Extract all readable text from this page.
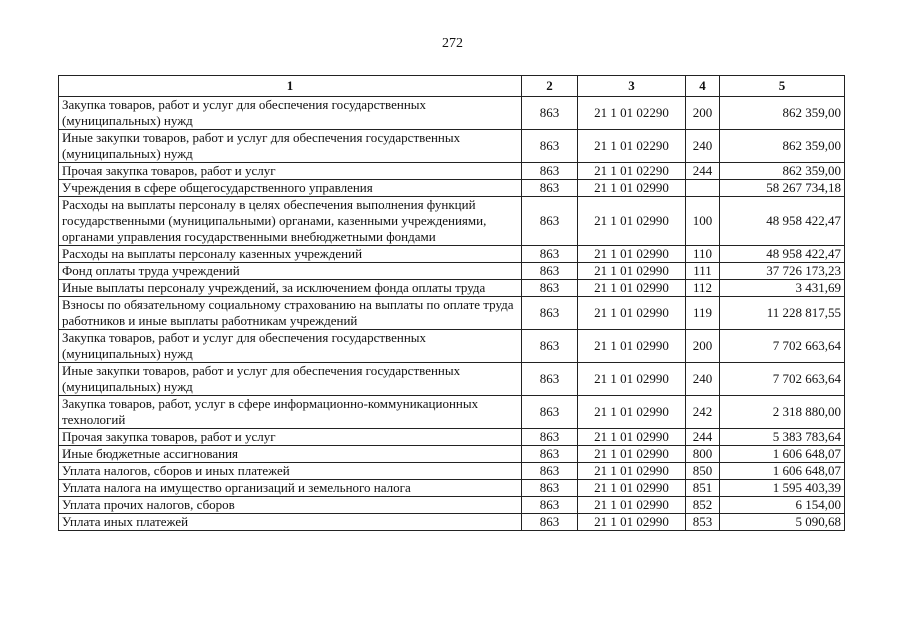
272
1	2	3	4	5
Закупка товаров, работ и услуг для обеспечения государственных (муниципальных) нужд	863	21 1 01 02290	200	862 359,00
Иные закупки товаров, работ и услуг для обеспечения государственных (муниципальных) нужд	863	21 1 01 02290	240	862 359,00
Прочая закупка товаров, работ и услуг	863	21 1 01 02290	244	862 359,00
Учреждения в сфере общегосударственного управления	863	21 1 01 02990		58 267 734,18
Расходы на выплаты персоналу в целях обеспечения выполнения функций государственными (муниципальными) органами, казенными учреждениями, органами управления государственными внебюджетными фондами	863	21 1 01 02990	100	48 958 422,47
Расходы на выплаты персоналу казенных учреждений	863	21 1 01 02990	110	48 958 422,47
Фонд оплаты труда учреждений	863	21 1 01 02990	111	37 726 173,23
Иные выплаты персоналу учреждений, за исключением фонда оплаты труда	863	21 1 01 02990	112	3 431,69
Взносы по обязательному социальному страхованию на выплаты по оплате труда работников и иные выплаты работникам учреждений	863	21 1 01 02990	119	11 228 817,55
Закупка товаров, работ и услуг для обеспечения государственных (муниципальных) нужд	863	21 1 01 02990	200	7 702 663,64
Иные закупки товаров, работ и услуг для обеспечения государственных (муниципальных) нужд	863	21 1 01 02990	240	7 702 663,64
Закупка товаров, работ, услуг в сфере информационно-коммуникационных технологий	863	21 1 01 02990	242	2 318 880,00
Прочая закупка товаров, работ и услуг	863	21 1 01 02990	244	5 383 783,64
Иные бюджетные ассигнования	863	21 1 01 02990	800	1 606 648,07
Уплата налогов, сборов и иных платежей	863	21 1 01 02990	850	1 606 648,07
Уплата налога на имущество организаций и земельного налога	863	21 1 01 02990	851	1 595 403,39
Уплата прочих налогов, сборов	863	21 1 01 02990	852	6 154,00
Уплата иных платежей	863	21 1 01 02990	853	5 090,68
